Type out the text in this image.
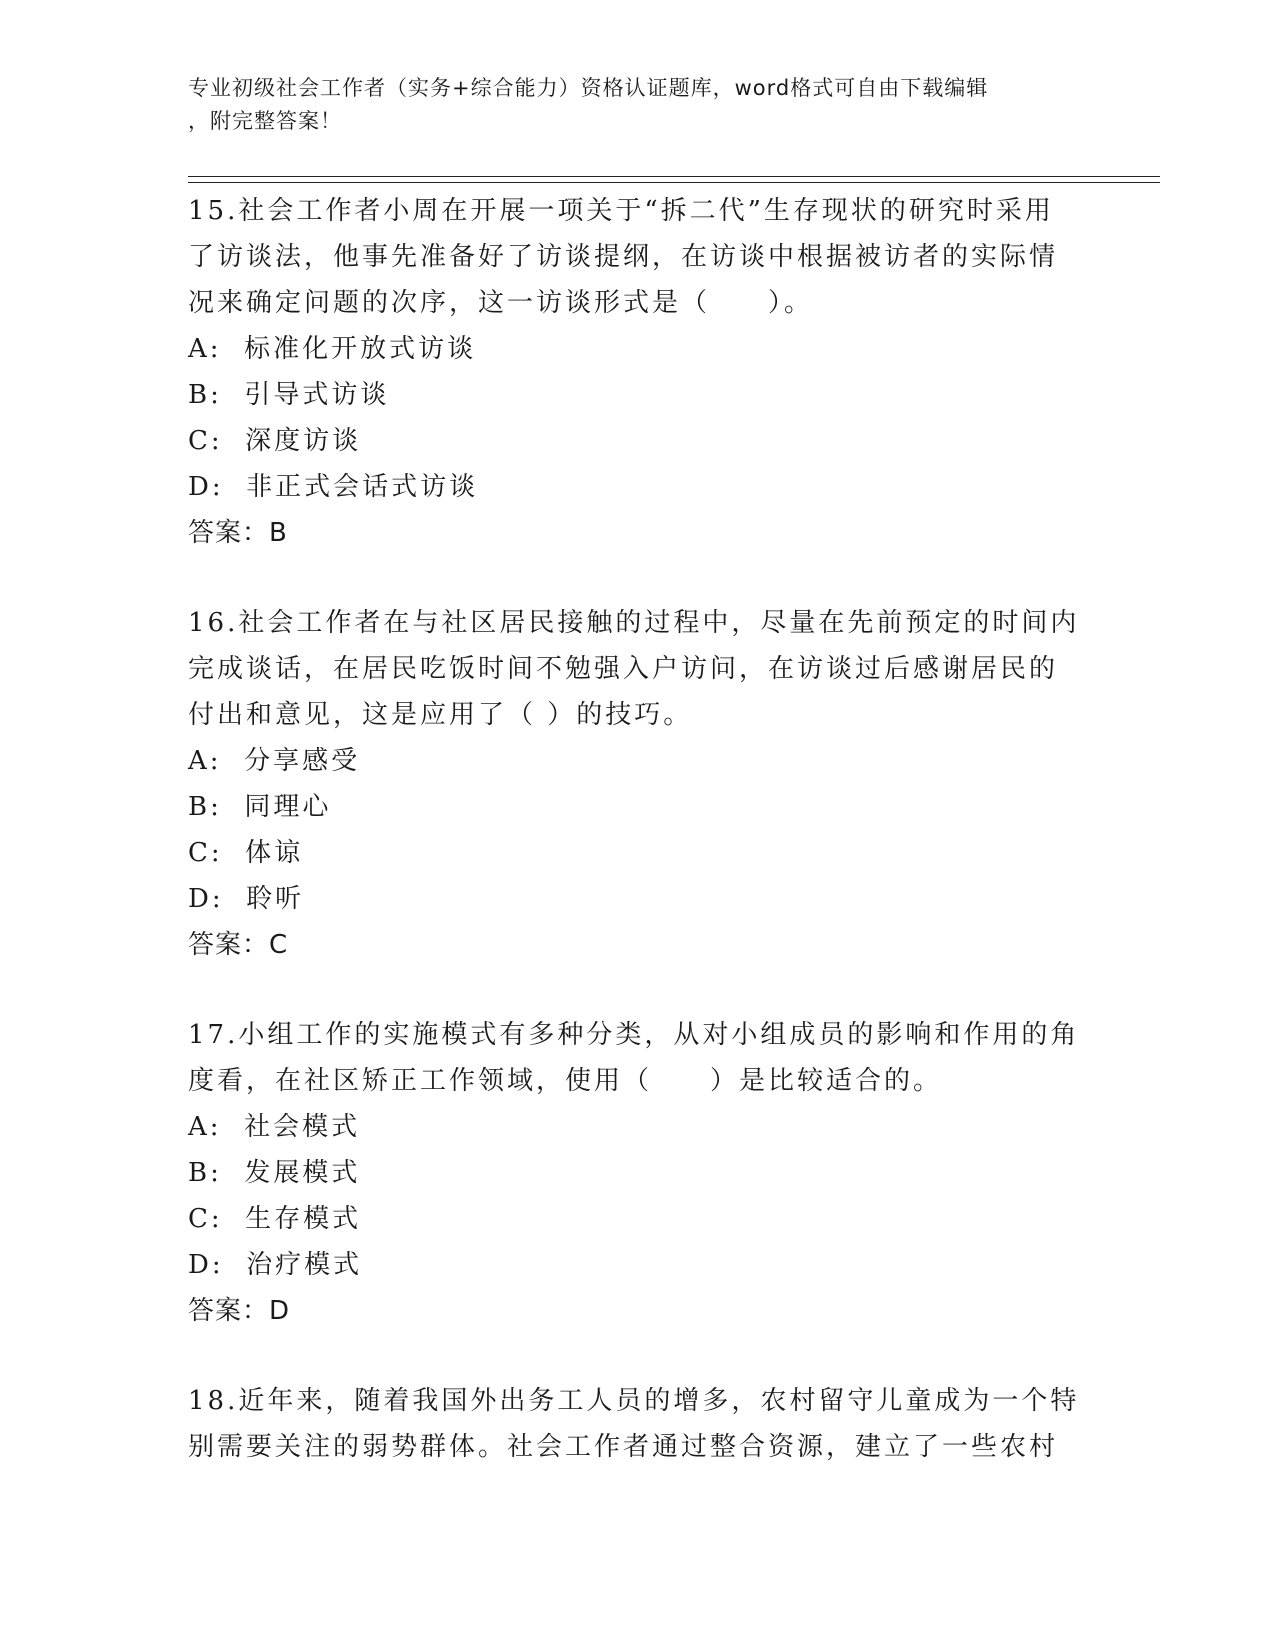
专业初级社会工作者（实务+综合能力）资格认证题库，word格式可自由下载编辑
，附完整答案！

15.社会工作者小周在开展一项关于“拆二代”生存现状的研究时采用

了访谈法，他事先准备好了访谈提纲，在访谈中根据被访者的实际情

况来确定问题的次序，这一访谈形式是（　　）。

A:  标准化开放式访谈

B:  引导式访谈

C:  深度访谈

D:  非正式会话式访谈

答案：B

16.社会工作者在与社区居民接触的过程中，尽量在先前预定的时间内

完成谈话，在居民吃饭时间不勉强入户访问，在访谈过后感谢居民的

付出和意见，这是应用了（ ）的技巧。

A:  分享感受

B:  同理心

C:  体谅

D:  聆听

答案：C

17.小组工作的实施模式有多种分类，从对小组成员的影响和作用的角

度看，在社区矫正工作领域，使用（　　）是比较适合的。

A:  社会模式

B:  发展模式

C:  生存模式

D:  治疗模式

答案：D

18.近年来，随着我国外出务工人员的增多，农村留守儿童成为一个特

别需要关注的弱势群体。社会工作者通过整合资源，建立了一些农村
